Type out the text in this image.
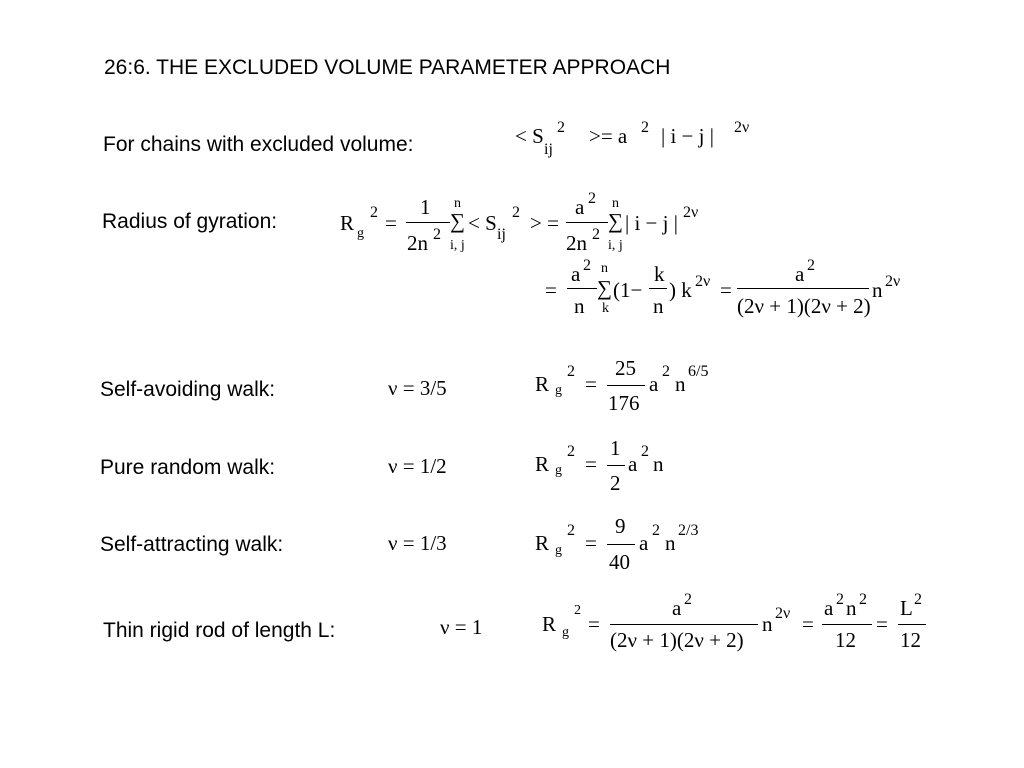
26:6. THE EXCLUDED VOLUME PARAMETER APPROACH
For chains with excluded volume:	< S
ij
2 >= a 2 | i − j | 2ν
Radius of gyration:	R g
2 =
1
2n 2
n
∑
i, j
< S ij
2 > =
a 2
2n 2
n
∑
i, j
| i − j | 2ν
=
a 2
n
n
∑
k
(1−
k
n
) k 2ν =
a 2
(2ν + 1)(2ν + 2)
n 2ν
Self-avoiding walk:	ν = 3/5	R g
2
=
25
176
a
2
n
6/5
Pure random walk:	ν = 1/2	R g
2
=
1
2
a
2
n
Self-attracting walk:	ν = 1/3	R g
2
=
9
40
a
2
n
2/3
Thin rigid rod of length L:	ν = 1	R g
2
=
a 2
(2ν + 1)(2ν + 2)
n 2ν =
a 2 n 2
12
=
L 2
12
